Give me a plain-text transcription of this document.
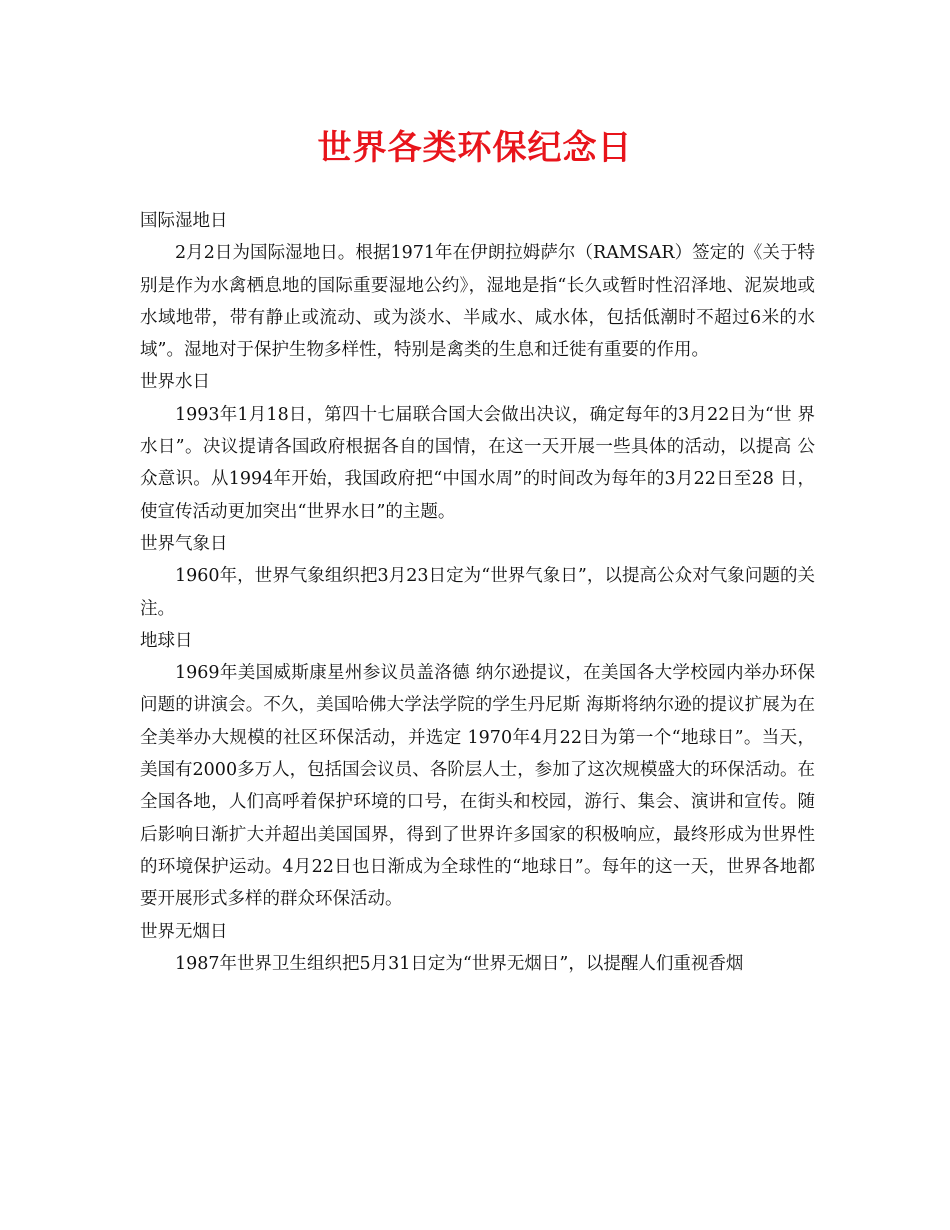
世界各类环保纪念日

国际湿地日

2月2日为国际湿地日。根据1971年在伊朗拉姆萨尔（RAMSAR）签定的《关于特别是作为水禽栖息地的国际重要湿地公约》，湿地是指“长久或暂时性沼泽地、泥炭地或水域地带，带有静止或流动、或为淡水、半咸水、咸水体，包括低潮时不超过6米的水域”。湿地对于保护生物多样性，特别是禽类的生息和迁徙有重要的作用。

世界水日

1993年1月18日，第四十七届联合国大会做出决议，确定每年的3月22日为“世 界水日”。决议提请各国政府根据各自的国情，在这一天开展一些具体的活动，以提高 公众意识。从1994年开始，我国政府把“中国水周”的时间改为每年的3月22日至28 日，使宣传活动更加突出“世界水日”的主题。

世界气象日

1960年，世界气象组织把3月23日定为“世界气象日”，以提高公众对气象问题的关注。

地球日

1969年美国威斯康星州参议员盖洛德 纳尔逊提议，在美国各大学校园内举办环保问题的讲演会。不久，美国哈佛大学法学院的学生丹尼斯 海斯将纳尔逊的提议扩展为在全美举办大规模的社区环保活动，并选定 1970年4月22日为第一个“地球日”。当天，美国有2000多万人，包括国会议员、各阶层人士，参加了这次规模盛大的环保活动。在全国各地，人们高呼着保护环境的口号，在街头和校园，游行、集会、演讲和宣传。随后影响日渐扩大并超出美国国界，得到了世界许多国家的积极响应，最终形成为世界性的环境保护运动。4月22日也日渐成为全球性的“地球日”。每年的这一天，世界各地都要开展形式多样的群众环保活动。

世界无烟日

1987年世界卫生组织把5月31日定为“世界无烟日”，以提醒人们重视香烟
